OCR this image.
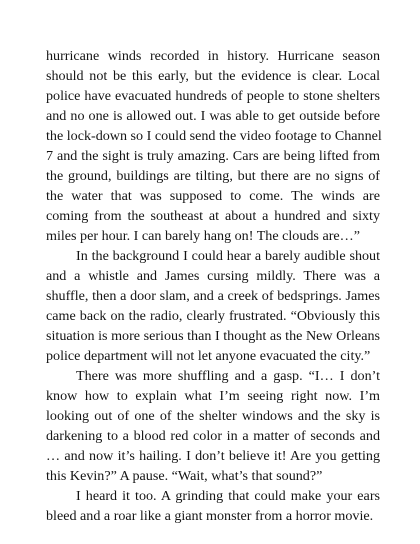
hurricane winds recorded in history. Hurricane season
should not be this early, but the evidence is clear. Local
police have evacuated hundreds of people to stone shelters
and no one is allowed out. I was able to get outside before
the lock-down so I could send the video footage to Channel
7 and the sight is truly amazing. Cars are being lifted from
the ground, buildings are tilting, but there are no signs of
the water that was supposed to come. The winds are
coming from the southeast at about a hundred and sixty
miles per hour. I can barely hang on! The clouds are…”
In the background I could hear a barely audible shout
and a whistle and James cursing mildly. There was a
shuffle, then a door slam, and a creek of bedsprings. James
came back on the radio, clearly frustrated. “Obviously this
situation is more serious than I thought as the New Orleans
police department will not let anyone evacuated the city.”
There was more shuffling and a gasp. “I… I don’t
know how to explain what I’m seeing right now. I’m
looking out of one of the shelter windows and the sky is
darkening to a blood red color in a matter of seconds and
… and now it’s hailing. I don’t believe it! Are you getting
this Kevin?” A pause. “Wait, what’s that sound?”
I heard it too. A grinding that could make your ears
bleed and a roar like a giant monster from a horror movie.
